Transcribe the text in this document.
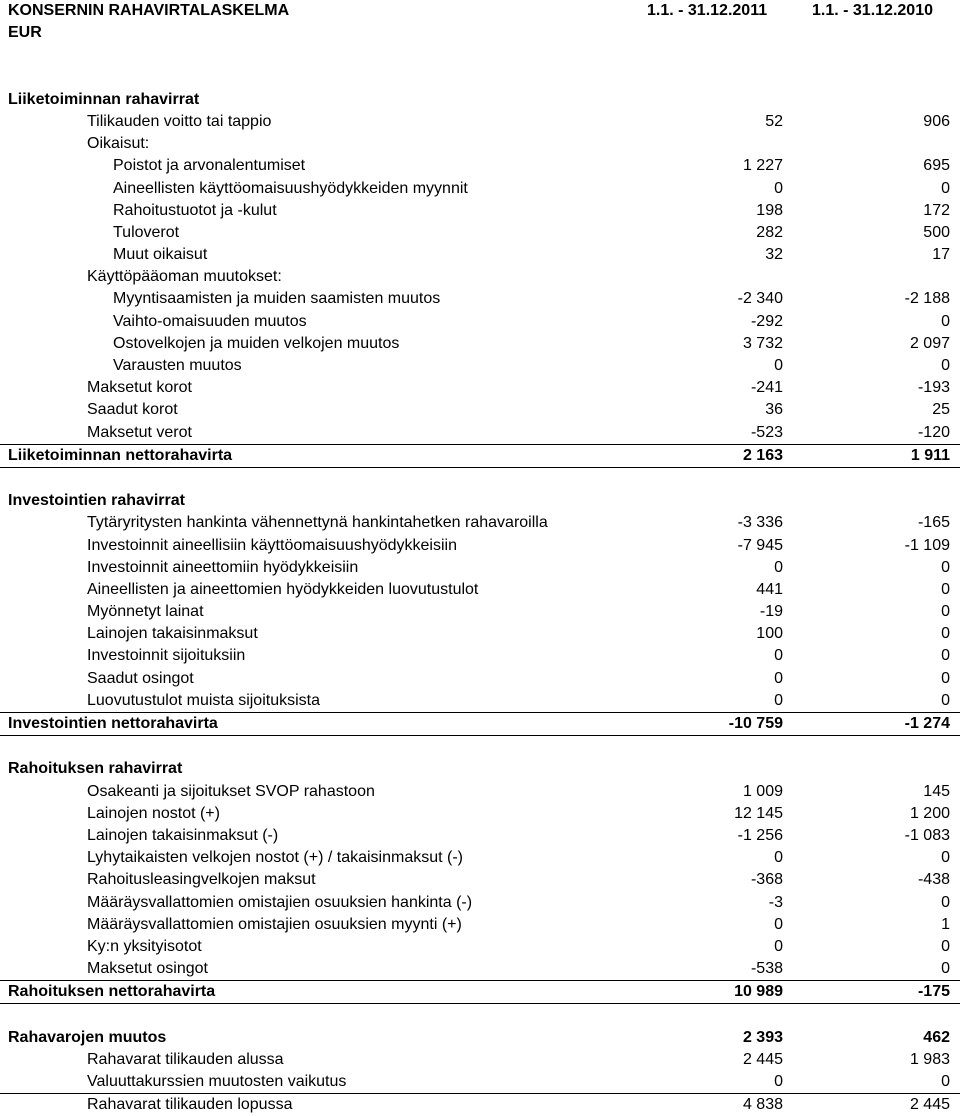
KONSERNIN RAHAVIRTALASKELMA	1.1. - 31.12.2011	1.1. - 31.12.2010
EUR
Liiketoiminnan rahavirrat
Tilikauden voitto tai tappio	52	906
Oikaisut:
Poistot ja arvonalentumiset	1 227	695
Aineellisten käyttöomaisuushyödykkeiden myynnit	0	0
Rahoitustuotot ja -kulut	198	172
Tuloverot	282	500
Muut oikaisut	32	17
Käyttöpääoman muutokset:
Myyntisaamisten ja muiden saamisten muutos	-2 340	-2 188
Vaihto-omaisuuden muutos	-292	0
Ostovelkojen ja muiden velkojen muutos	3 732	2 097
Varausten muutos	0	0
Maksetut korot	-241	-193
Saadut korot	36	25
Maksetut verot	-523	-120
Liiketoiminnan nettorahavirta	2 163	1 911
Investointien rahavirrat
Tytäryritysten hankinta vähennettynä hankintahetken rahavaroilla	-3 336	-165
Investoinnit aineellisiin käyttöomaisuushyödykkeisiin	-7 945	-1 109
Investoinnit aineettomiin hyödykkeisiin	0	0
Aineellisten ja aineettomien hyödykkeiden luovutustulot	441	0
Myönnetyt lainat	-19	0
Lainojen takaisinmaksut	100	0
Investoinnit sijoituksiin	0	0
Saadut osingot	0	0
Luovutustulot muista sijoituksista	0	0
Investointien nettorahavirta	-10 759	-1 274
Rahoituksen rahavirrat
Osakeanti ja sijoitukset SVOP rahastoon	1 009	145
Lainojen nostot (+)	12 145	1 200
Lainojen takaisinmaksut (-)	-1 256	-1 083
Lyhytaikaisten velkojen nostot (+) / takaisinmaksut (-)	0	0
Rahoitusleasingvelkojen maksut	-368	-438
Määräysvallattomien omistajien osuuksien hankinta (-)	-3	0
Määräysvallattomien omistajien osuuksien myynti (+)	0	1
Ky:n yksityisotot	0	0
Maksetut osingot	-538	0
Rahoituksen nettorahavirta	10 989	-175
Rahavarojen muutos	2 393	462
Rahavarat tilikauden alussa	2 445	1 983
Valuuttakurssien muutosten vaikutus	0	0
Rahavarat tilikauden lopussa	4 838	2 445
